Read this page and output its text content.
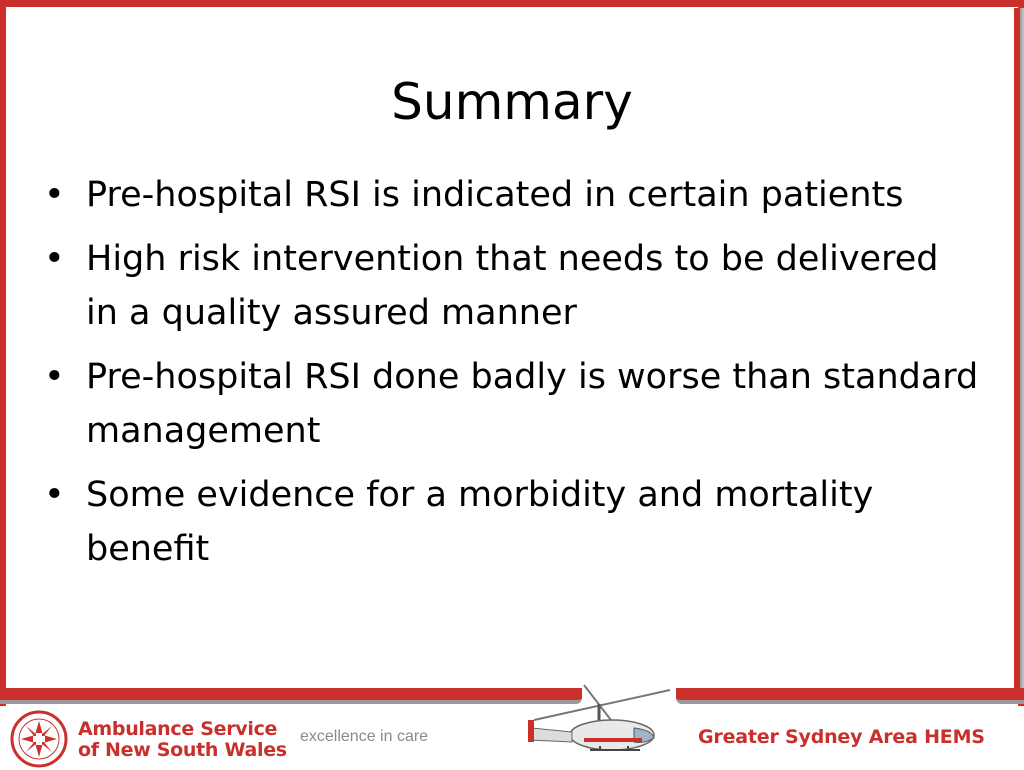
Summary
• Pre-hospital RSI is indicated in certain patients
• High risk intervention that needs to be delivered in a quality assured manner
• Pre-hospital RSI done badly is worse than standard management
• Some evidence for a morbidity and mortality benefit
Ambulance Service
of New South Wales
excellence in care	Greater Sydney Area HEMS
